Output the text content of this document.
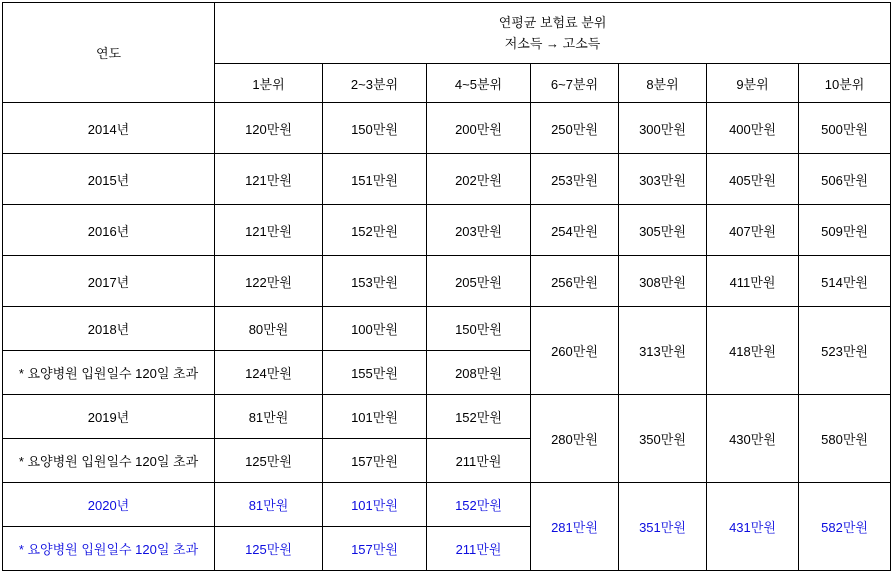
연도	연평균 보험료 분위
저소득 → 고소득						

	1분위	2~3분위	4~5분위	6~7분위	8분위	9분위	10분위
2014년	120만원	150만원	200만원	250만원	300만원	400만원	500만원
2015년	121만원	151만원	202만원	253만원	303만원	405만원	506만원
2016년	121만원	152만원	203만원	254만원	305만원	407만원	509만원
2017년	122만원	153만원	205만원	256만원	308만원	411만원	514만원
2018년	80만원	100만원	150만원	260만원	313만원	418만원	523만원
* 요양병원 입원일수 120일 초과	124만원	155만원	208만원				
2019년	81만원	101만원	152만원	280만원	350만원	430만원	580만원
* 요양병원 입원일수 120일 초과	125만원	157만원	211만원				
2020년	81만원	101만원	152만원	281만원	351만원	431만원	582만원
* 요양병원 입원일수 120일 초과	125만원	157만원	211만원				
